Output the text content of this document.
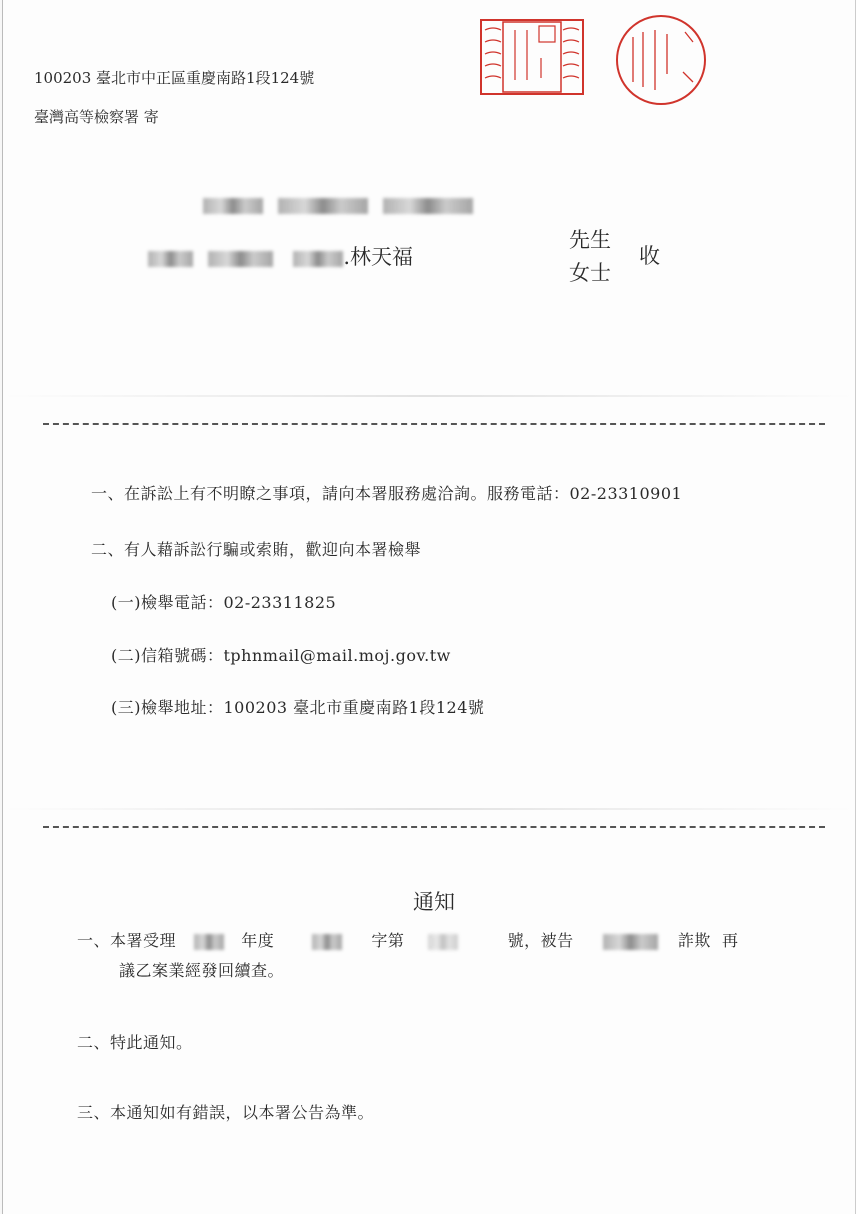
100203 臺北市中正區重慶南路1段124號
臺灣高等檢察署 寄

.林天福
先生
女士
收
一、在訴訟上有不明瞭之事項，請向本署服務處洽詢。服務電話：02-23310901
二、有人藉訴訟行騙或索賄，歡迎向本署檢舉
(一)檢舉電話：02-23311825
(二)信箱號碼：tphnmail@mail.moj.gov.tw
(三)檢舉地址：100203 臺北市重慶南路1段124號
通知
一、本署受理	年度	字第	號，被告	詐欺  再
議乙案業經發回續查。
二、特此通知。
三、本通知如有錯誤，以本署公告為準。
